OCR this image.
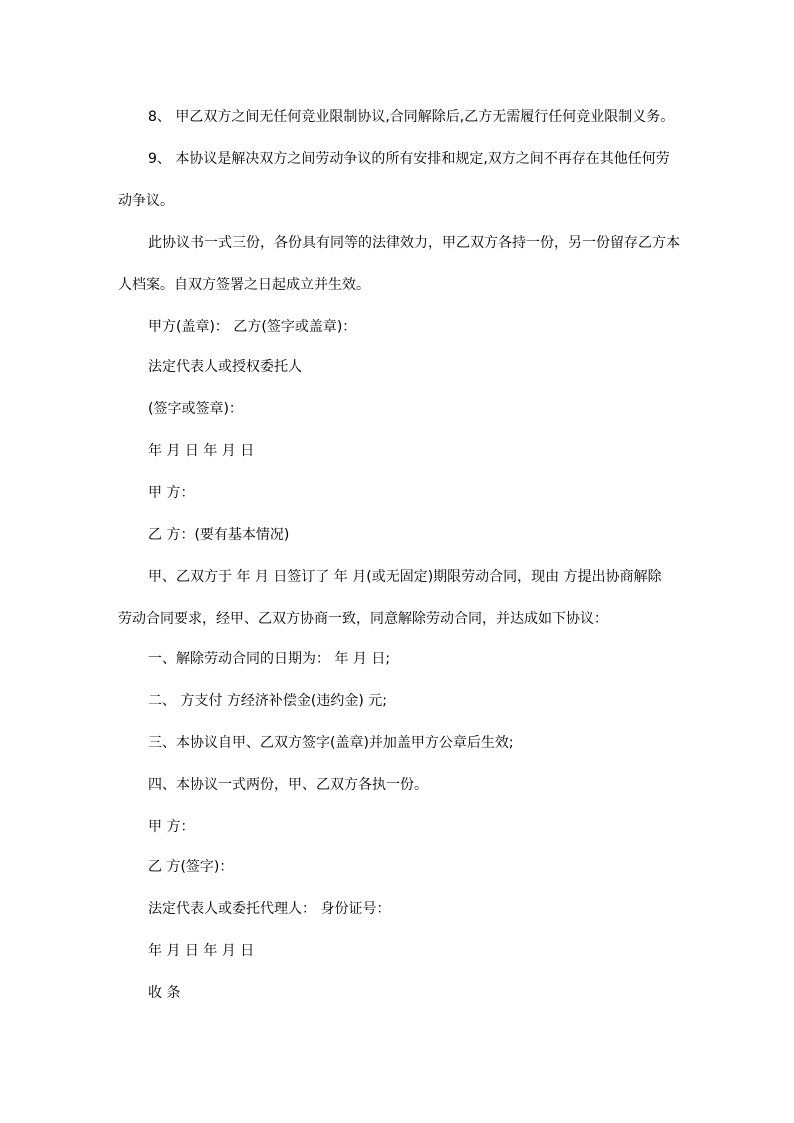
8、 甲乙双方之间无任何竞业限制协议,合同解除后,乙方无需履行任何竞业限制义务。
9、 本协议是解决双方之间劳动争议的所有安排和规定,双方之间不再存在其他任何劳
动争议。
此协议书一式三份，各份具有同等的法律效力，甲乙双方各持一份，另一份留存乙方本
人档案。自双方签署之日起成立并生效。
甲方(盖章)： 乙方(签字或盖章)：
法定代表人或授权委托人
(签字或签章)：
年 月 日 年 月 日
甲 方：
乙 方：(要有基本情况)
甲、乙双方于 年 月 日签订了 年 月(或无固定)期限劳动合同，现由 方提出协商解除
劳动合同要求，经甲、乙双方协商一致，同意解除劳动合同，并达成如下协议：
一、解除劳动合同的日期为： 年 月 日;
二、 方支付 方经济补偿金(违约金) 元;
三、本协议自甲、乙双方签字(盖章)并加盖甲方公章后生效;
四、本协议一式两份，甲、乙双方各执一份。
甲 方：
乙 方(签字)：
法定代表人或委托代理人： 身份证号：
年 月 日 年 月 日
收 条
